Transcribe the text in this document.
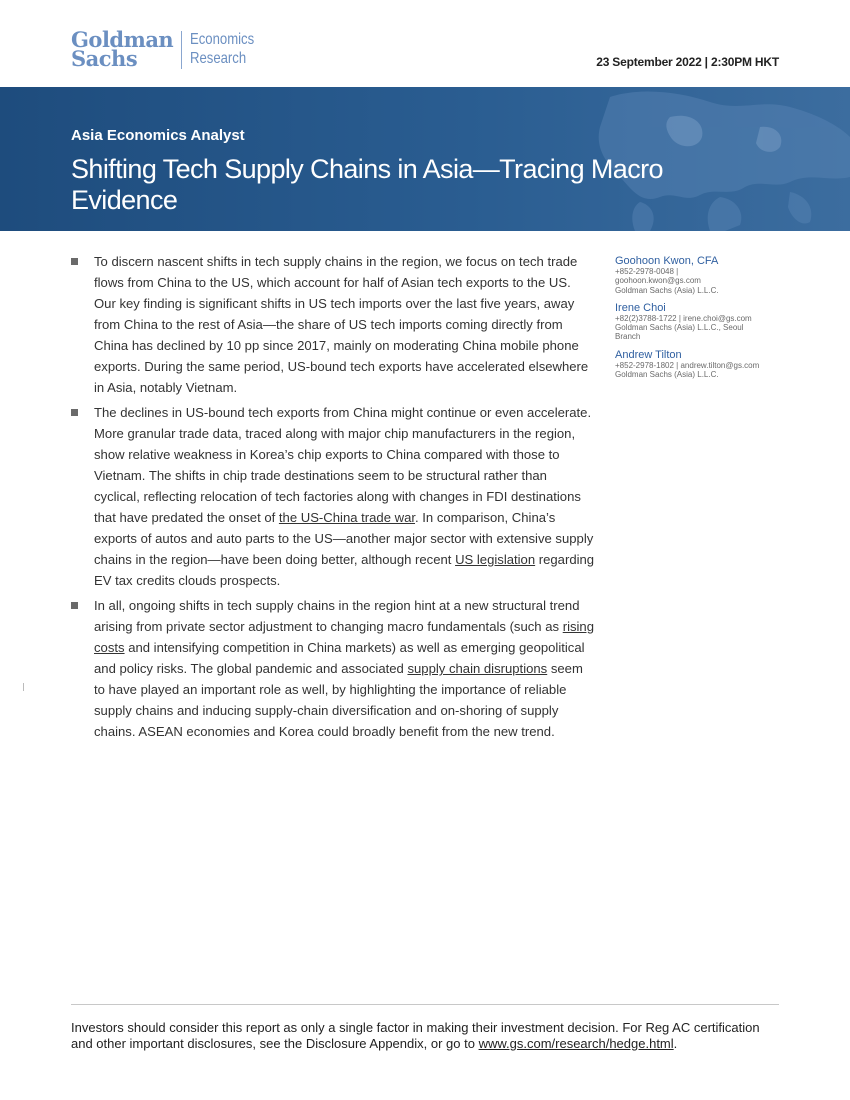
Goldman
Sachs
Economics
Research	23 September 2022 | 2:30PM HKT
Asia Economics Analyst
Shifting Tech Supply Chains in Asia—Tracing Macro Evidence
To discern nascent shifts in tech supply chains in the region, we focus on tech trade flows from China to the US, which account for half of Asian tech exports to the US. Our key finding is significant shifts in US tech imports over the last five years, away from China to the rest of Asia—the share of US tech imports coming directly from China has declined by 10 pp since 2017, mainly on moderating China mobile phone exports. During the same period, US-bound tech exports have accelerated elsewhere in Asia, notably Vietnam.
The declines in US-bound tech exports from China might continue or even accelerate. More granular trade data, traced along with major chip manufacturers in the region, show relative weakness in Korea’s chip exports to China compared with those to Vietnam. The shifts in chip trade destinations seem to be structural rather than cyclical, reflecting relocation of tech factories along with changes in FDI destinations that have predated the onset of the US-China trade war. In comparison, China’s exports of autos and auto parts to the US—another major sector with extensive supply chains in the region—have been doing better, although recent US legislation regarding EV tax credits clouds prospects.
In all, ongoing shifts in tech supply chains in the region hint at a new structural trend arising from private sector adjustment to changing macro fundamentals (such as rising costs and intensifying competition in China markets) as well as emerging geopolitical and policy risks. The global pandemic and associated supply chain disruptions seem to have played an important role as well, by highlighting the importance of reliable supply chains and inducing supply-chain diversification and on-shoring of supply chains. ASEAN economies and Korea could broadly benefit from the new trend.
Goohoon Kwon, CFA
+852-2978-0048 |
goohoon.kwon@gs.com
Goldman Sachs (Asia) L.L.C.
Irene Choi
+82(2)3788-1722 | irene.choi@gs.com
Goldman Sachs (Asia) L.L.C., Seoul
Branch
Andrew Tilton
+852-2978-1802 | andrew.tilton@gs.com
Goldman Sachs (Asia) L.L.C.
Investors should consider this report as only a single factor in making their investment decision. For Reg AC certification and other important disclosures, see the Disclosure Appendix, or go to www.gs.com/research/hedge.html.
